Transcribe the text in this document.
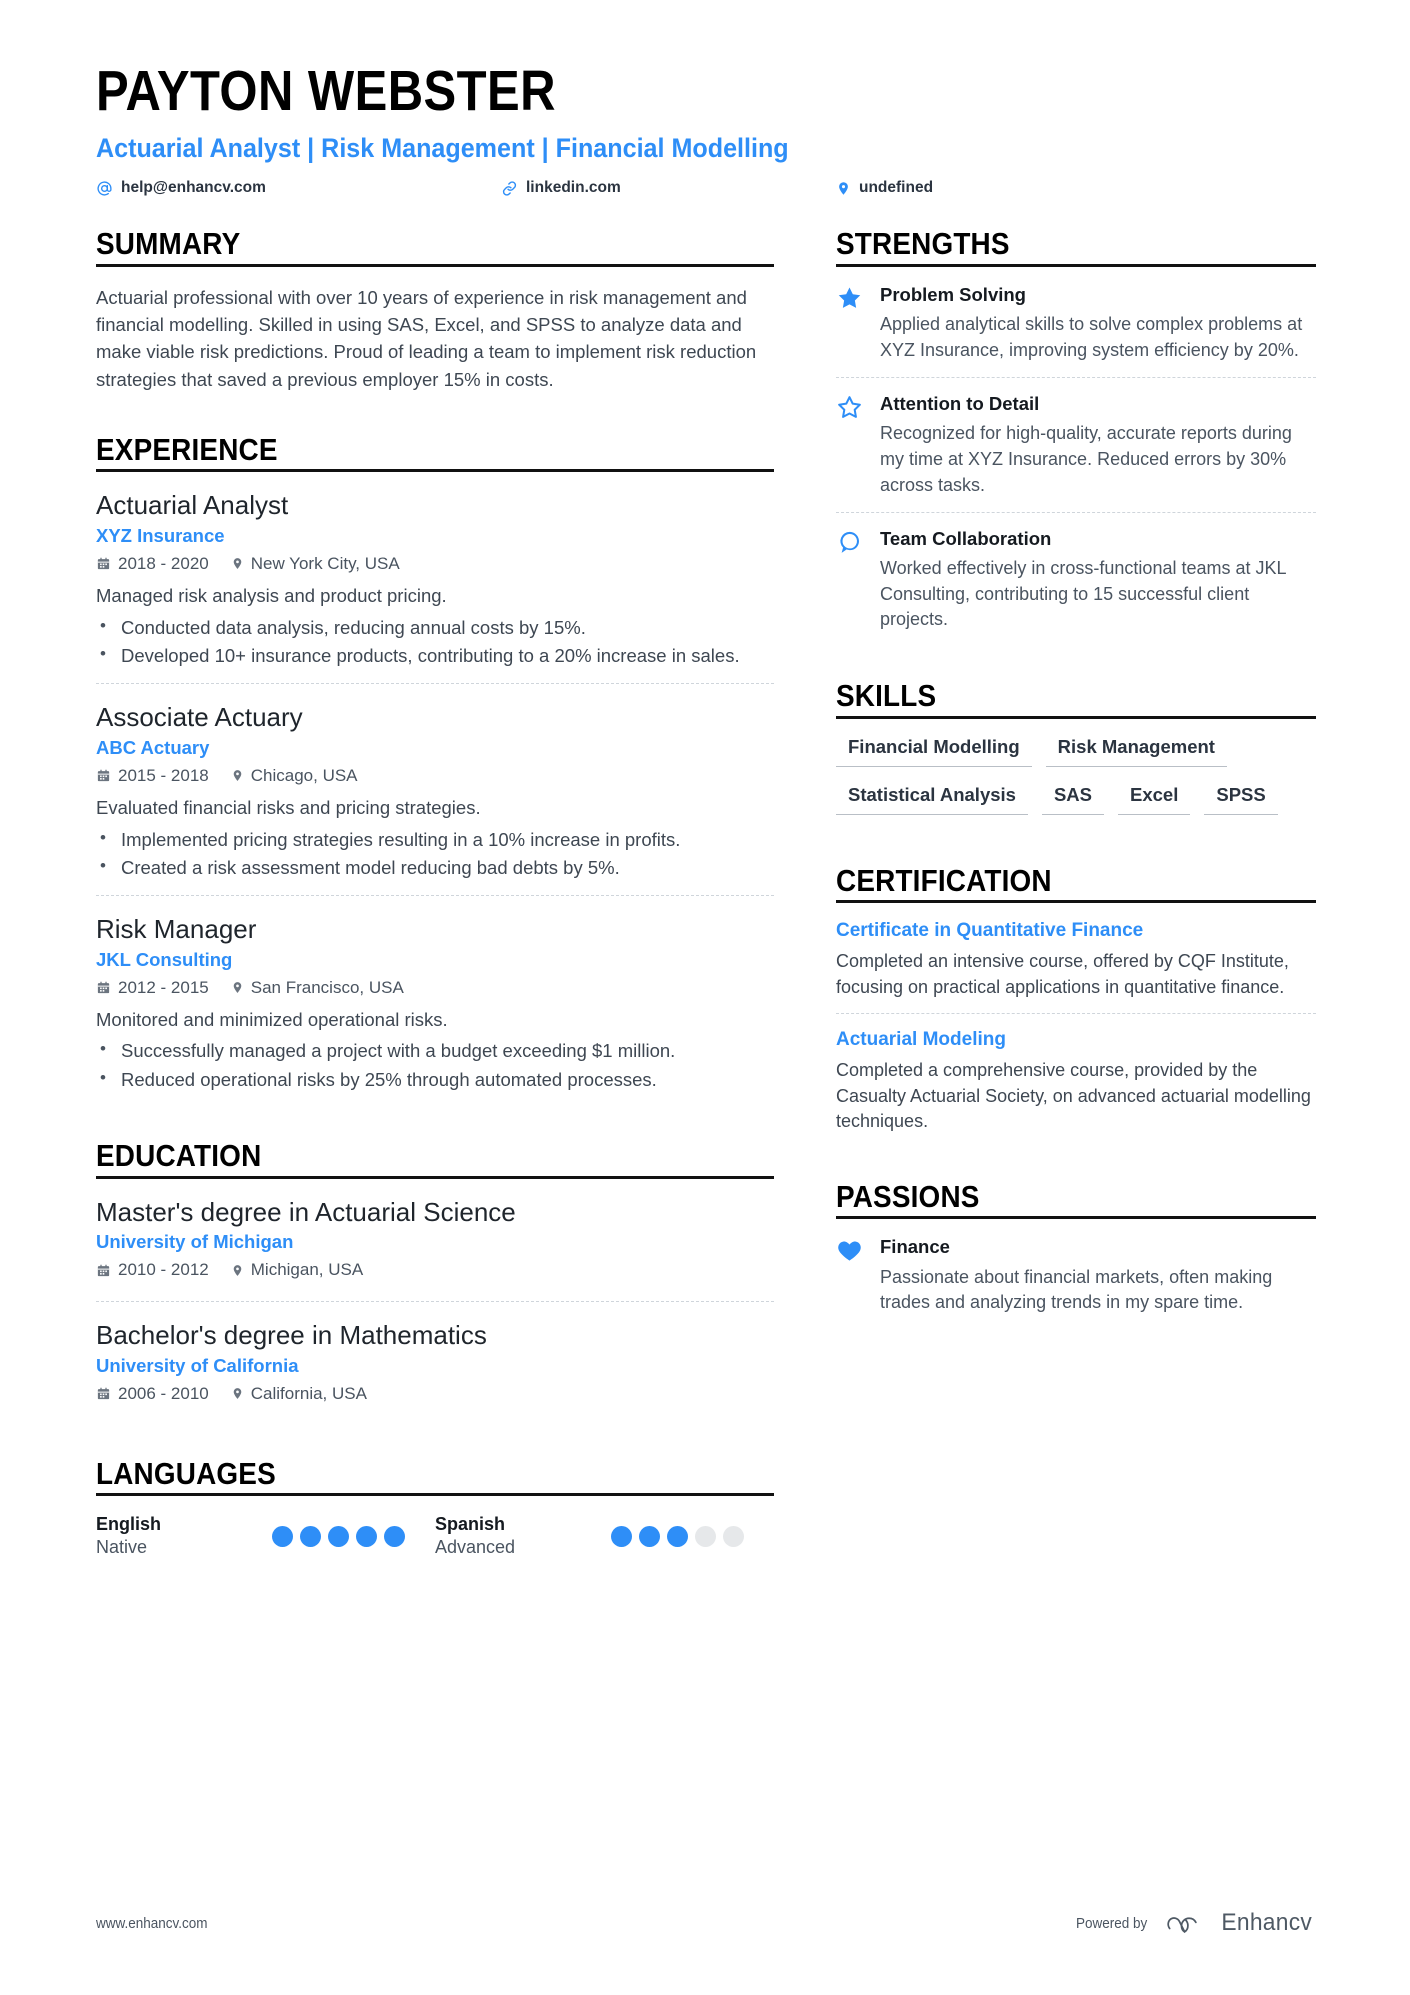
PAYTON WEBSTER
Actuarial Analyst | Risk Management | Financial Modelling
help@enhancv.com	linkedin.com	undefined
SUMMARY

Actuarial professional with over 10 years of experience in risk management and financial modelling. Skilled in using SAS, Excel, and SPSS to analyze data and make viable risk predictions. Proud of leading a team to implement risk reduction strategies that saved a previous employer 15% in costs.

EXPERIENCE
Actuarial Analyst
XYZ Insurance
2018 - 2020 New York City, USA
Managed risk analysis and product pricing.
• Conducted data analysis, reducing annual costs by 15%.
• Developed 10+ insurance products, contributing to a 20% increase in sales.
Associate Actuary
ABC Actuary
2015 - 2018 Chicago, USA
Evaluated financial risks and pricing strategies.
• Implemented pricing strategies resulting in a 10% increase in profits.
• Created a risk assessment model reducing bad debts by 5%.
Risk Manager
JKL Consulting
2012 - 2015 San Francisco, USA
Monitored and minimized operational risks.
• Successfully managed a project with a budget exceeding $1 million.
• Reduced operational risks by 25% through automated processes.
EDUCATION
Master's degree in Actuarial Science
University of Michigan
2010 - 2012 Michigan, USA
Bachelor's degree in Mathematics
University of California
2006 - 2010 California, USA
LANGUAGES
English
Native
Spanish
Advanced
STRENGTHS
Problem Solving
Applied analytical skills to solve complex problems at XYZ Insurance, improving system efficiency by 20%.
Attention to Detail
Recognized for high-quality, accurate reports during my time at XYZ Insurance. Reduced errors by 30% across tasks.
Team Collaboration
Worked effectively in cross-functional teams at JKL Consulting, contributing to 15 successful client projects.
SKILLS
Financial Modelling	Risk Management
Statistical Analysis	SAS	Excel	SPSS
CERTIFICATION
Certificate in Quantitative Finance
Completed an intensive course, offered by CQF Institute, focusing on practical applications in quantitative finance.
Actuarial Modeling
Completed a comprehensive course, provided by the Casualty Actuarial Society, on advanced actuarial modelling techniques.
PASSIONS
Finance
Passionate about financial markets, often making trades and analyzing trends in my spare time.
www.enhancv.com	Powered by	Enhancv
